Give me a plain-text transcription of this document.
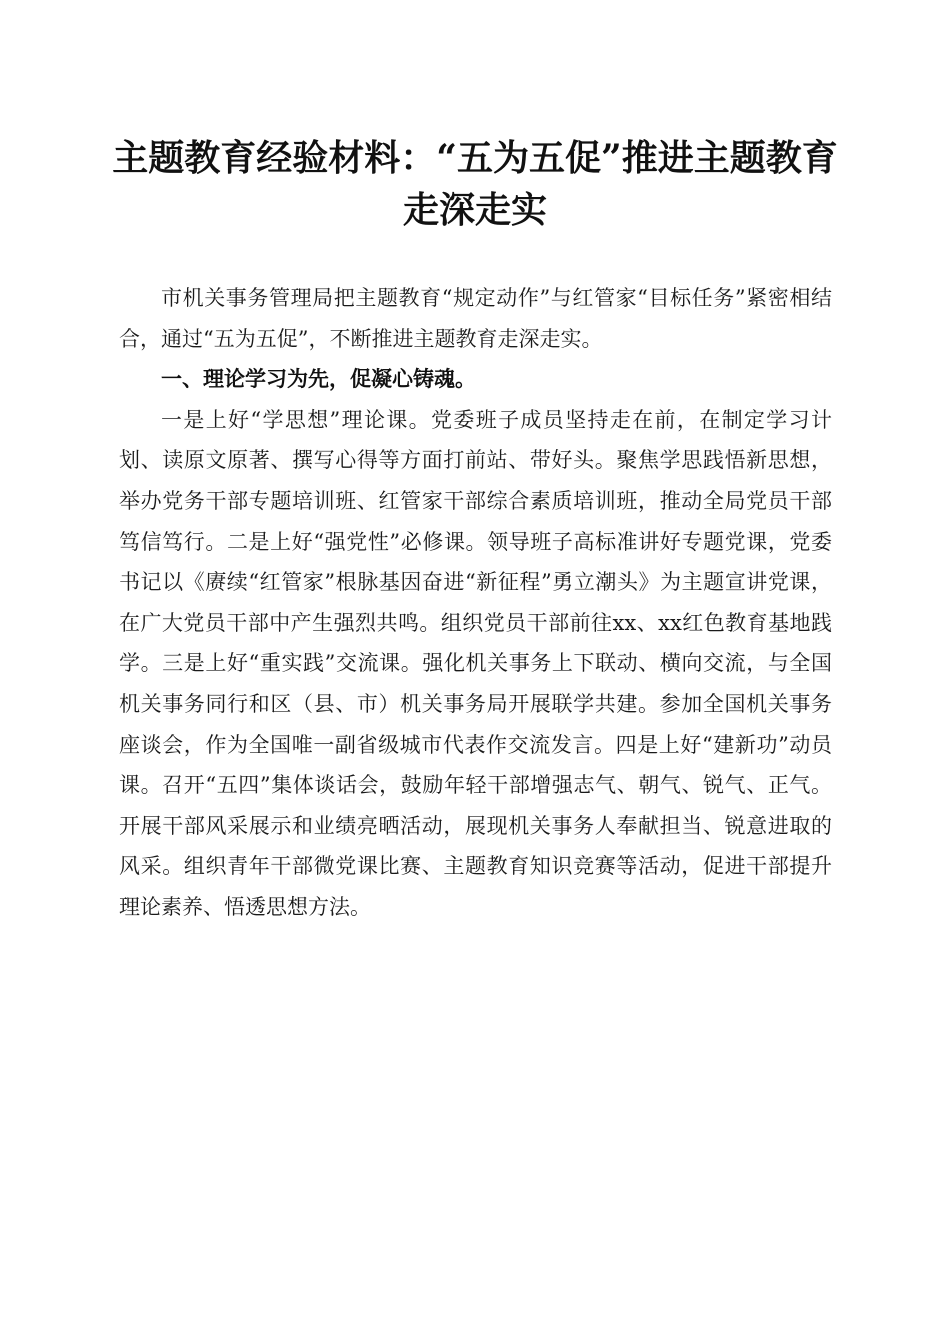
主题教育经验材料：“五为五促”推进主题教育走深走实

市机关事务管理局把主题教育“规定动作”与红管家“目标任务”紧密相结合，通过“五为五促”，不断推进主题教育走深走实。

一、理论学习为先，促凝心铸魂。

一是上好“学思想”理论课。党委班子成员坚持走在前，在制定学习计划、读原文原著、撰写心得等方面打前站、带好头。聚焦学思践悟新思想，举办党务干部专题培训班、红管家干部综合素质培训班，推动全局党员干部笃信笃行。二是上好“强党性”必修课。领导班子高标准讲好专题党课，党委书记以《赓续“红管家”根脉基因奋进“新征程”勇立潮头》为主题宣讲党课，在广大党员干部中产生强烈共鸣。组织党员干部前往xx、xx红色教育基地践学。三是上好“重实践”交流课。强化机关事务上下联动、横向交流，与全国机关事务同行和区（县、市）机关事务局开展联学共建。参加全国机关事务座谈会，作为全国唯一副省级城市代表作交流发言。四是上好“建新功”动员课。召开“五四”集体谈话会，鼓励年轻干部增强志气、朝气、锐气、正气。开展干部风采展示和业绩亮晒活动，展现机关事务人奉献担当、锐意进取的风采。组织青年干部微党课比赛、主题教育知识竞赛等活动，促进干部提升理论素养、悟透思想方法。
